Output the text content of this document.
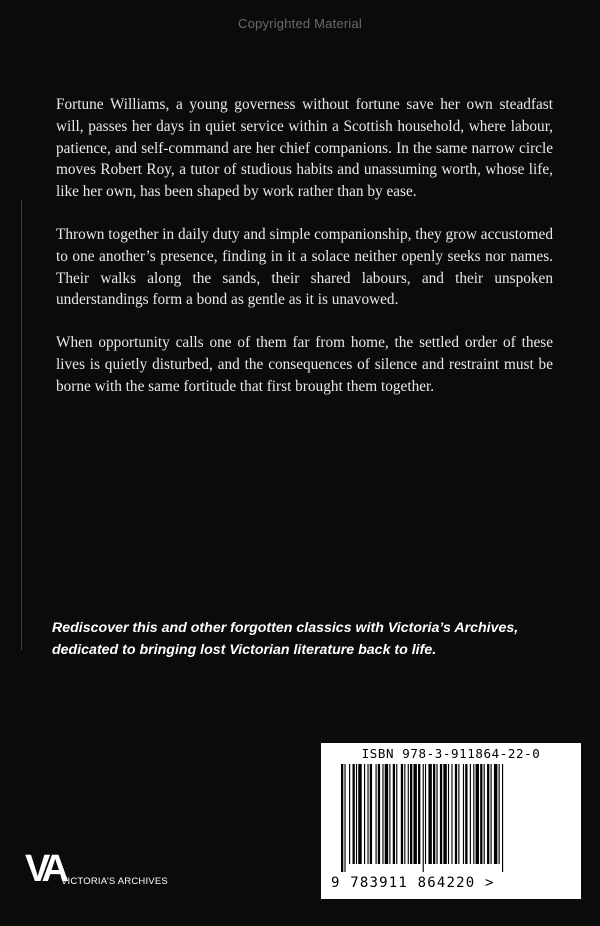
Copyrighted Material

Fortune Williams, a young governess without fortune save her own steadfast will, passes her days in quiet service within a Scottish household, where labour, patience, and self-command are her chief companions. In the same narrow circle moves Robert Roy, a tutor of studious habits and unassuming worth, whose life, like her own, has been shaped by work rather than by ease.

Thrown together in daily duty and simple companionship, they grow accustomed to one another’s presence, finding in it a solace neither openly seeks nor names. Their walks along the sands, their shared labours, and their unspoken understandings form a bond as gentle as it is unavowed.

When opportunity calls one of them far from home, the settled order of these lives is quietly disturbed, and the consequences of silence and restraint must be borne with the same fortitude that first brought them together.

Rediscover this and other forgotten classics with Victoria’s Archives,
dedicated to bringing lost Victorian literature back to life.
ISBN 978-3-911864-22-0
9 783911 864220 >
VA
VICTORIA’S ARCHIVES
